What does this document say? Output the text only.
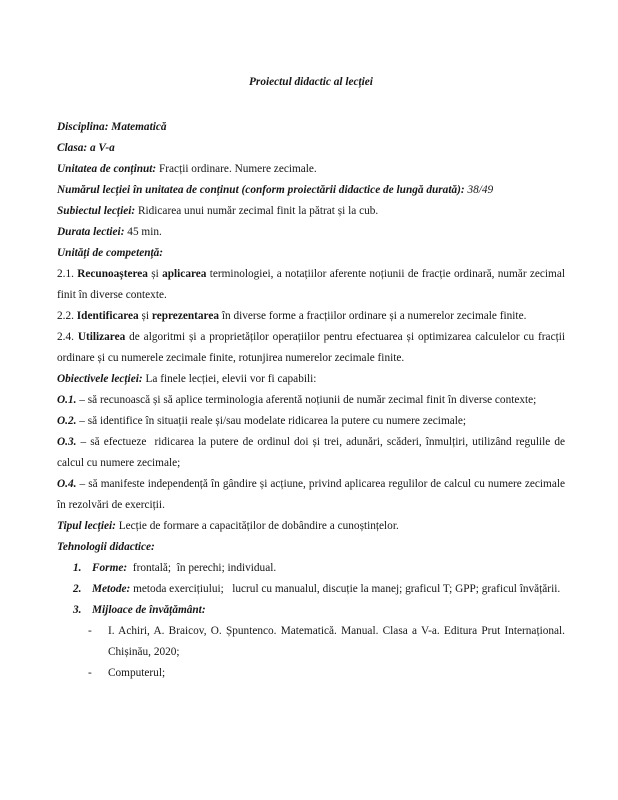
Proiectul didactic al lecției
Disciplina: Matematică
Clasa: a V-a
Unitatea de conținut: Fracții ordinare. Numere zecimale.
Numărul lecției în unitatea de conținut (conform proiectării didactice de lungă durată): 38/49
Subiectul lecției: Ridicarea unui număr zecimal finit la pătrat și la cub.
Durata lectiei: 45 min.
Unități de competență:
2.1. Recunoașterea și aplicarea terminologiei, a notațiilor aferente noțiunii de fracție ordinară, număr zecimal finit în diverse contexte.
2.2. Identificarea și reprezentarea în diverse forme a fracțiilor ordinare și a numerelor zecimale finite.
2.4. Utilizarea de algoritmi și a proprietăților operațiilor pentru efectuarea și optimizarea calculelor cu fracții ordinare și cu numerele zecimale finite, rotunjirea numerelor zecimale finite.
Obiectivele lecției: La finele lecției, elevii vor fi capabili:
O.1. – să recunoască și să aplice terminologia aferentă noțiunii de număr zecimal finit în diverse contexte;
O.2. – să identifice în situații reale și/sau modelate ridicarea la putere cu numere zecimale;
O.3. – să efectueze  ridicarea la putere de ordinul doi și trei, adunări, scăderi, înmulțiri, utilizând regulile de calcul cu numere zecimale;
O.4. – să manifeste independență în gândire și acțiune, privind aplicarea regulilor de calcul cu numere zecimale în rezolvări de exerciții.
Tipul lecției: Lecție de formare a capacităților de dobândire a cunoștințelor.
Tehnologii didactice:
1. Forme:  frontală;  în perechi; individual.
2. Metode: metoda exercițiului;   lucrul cu manualul, discuție la manej; graficul T; GPP; graficul învățării.
3. Mijloace de învățământ:
- I. Achiri, A. Braicov, O. Șpuntenco. Matematică. Manual. Clasa a V-a. Editura Prut Internațional. Chișinău, 2020;
- Computerul;
